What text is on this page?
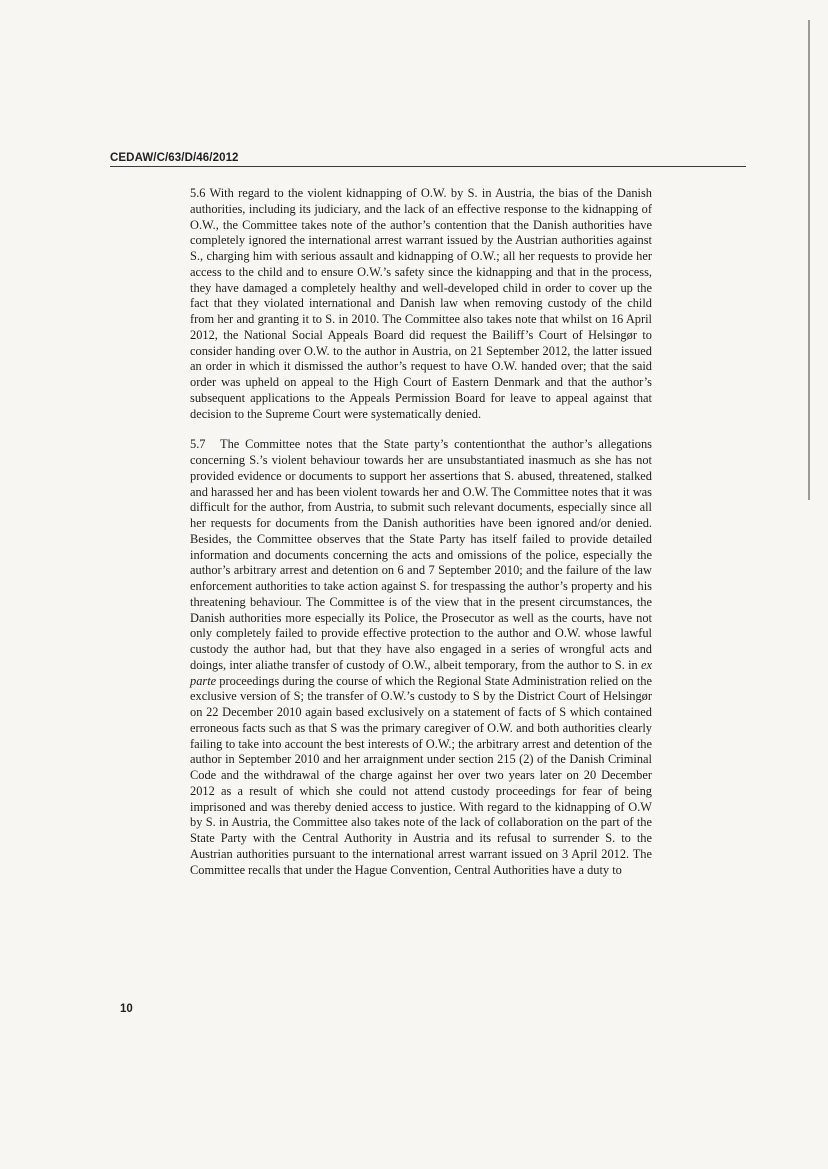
CEDAW/C/63/D/46/2012

5.6 With regard to the violent kidnapping of O.W. by S. in Austria, the bias of the Danish authorities, including its judiciary, and the lack of an effective response to the kidnapping of O.W., the Committee takes note of the author’s contention that the Danish authorities have completely ignored the international arrest warrant issued by the Austrian authorities against S., charging him with serious assault and kidnapping of O.W.; all her requests to provide her access to the child and to ensure O.W.’s safety since the kidnapping and that in the process, they have damaged a completely healthy and well-developed child in order to cover up the fact that they violated international and Danish law when removing custody of the child from her and granting it to S. in 2010. The Committee also takes note that whilst on 16 April 2012, the National Social Appeals Board did request the Bailiff’s Court of Helsingør to consider handing over O.W. to the author in Austria, on 21 September 2012, the latter issued an order in which it dismissed the author’s request to have O.W. handed over; that the said order was upheld on appeal to the High Court of Eastern Denmark and that the author’s subsequent applications to the Appeals Permission Board for leave to appeal against that decision to the Supreme Court were systematically denied.

5.7 The Committee notes that the State party’s contentionthat the author’s allegations concerning S.’s violent behaviour towards her are unsubstantiated inasmuch as she has not provided evidence or documents to support her assertions that S. abused, threatened, stalked and harassed her and has been violent towards her and O.W. The Committee notes that it was difficult for the author, from Austria, to submit such relevant documents, especially since all her requests for documents from the Danish authorities have been ignored and/or denied. Besides, the Committee observes that the State Party has itself failed to provide detailed information and documents concerning the acts and omissions of the police, especially the author’s arbitrary arrest and detention on 6 and 7 September 2010; and the failure of the law enforcement authorities to take action against S. for trespassing the author’s property and his threatening behaviour. The Committee is of the view that in the present circumstances, the Danish authorities more especially its Police, the Prosecutor as well as the courts, have not only completely failed to provide effective protection to the author and O.W. whose lawful custody the author had, but that they have also engaged in a series of wrongful acts and doings, inter aliathe transfer of custody of O.W., albeit temporary, from the author to S. in ex parte proceedings during the course of which the Regional State Administration relied on the exclusive version of S; the transfer of O.W.’s custody to S by the District Court of Helsingør on 22 December 2010 again based exclusively on a statement of facts of S which contained erroneous facts such as that S was the primary caregiver of O.W. and both authorities clearly failing to take into account the best interests of O.W.; the arbitrary arrest and detention of the author in September 2010 and her arraignment under section 215 (2) of the Danish Criminal Code and the withdrawal of the charge against her over two years later on 20 December 2012 as a result of which she could not attend custody proceedings for fear of being imprisoned and was thereby denied access to justice. With regard to the kidnapping of O.W by S. in Austria, the Committee also takes note of the lack of collaboration on the part of the State Party with the Central Authority in Austria and its refusal to surrender S. to the Austrian authorities pursuant to the international arrest warrant issued on 3 April 2012. The Committee recalls that under the Hague Convention, Central Authorities have a duty to

10
